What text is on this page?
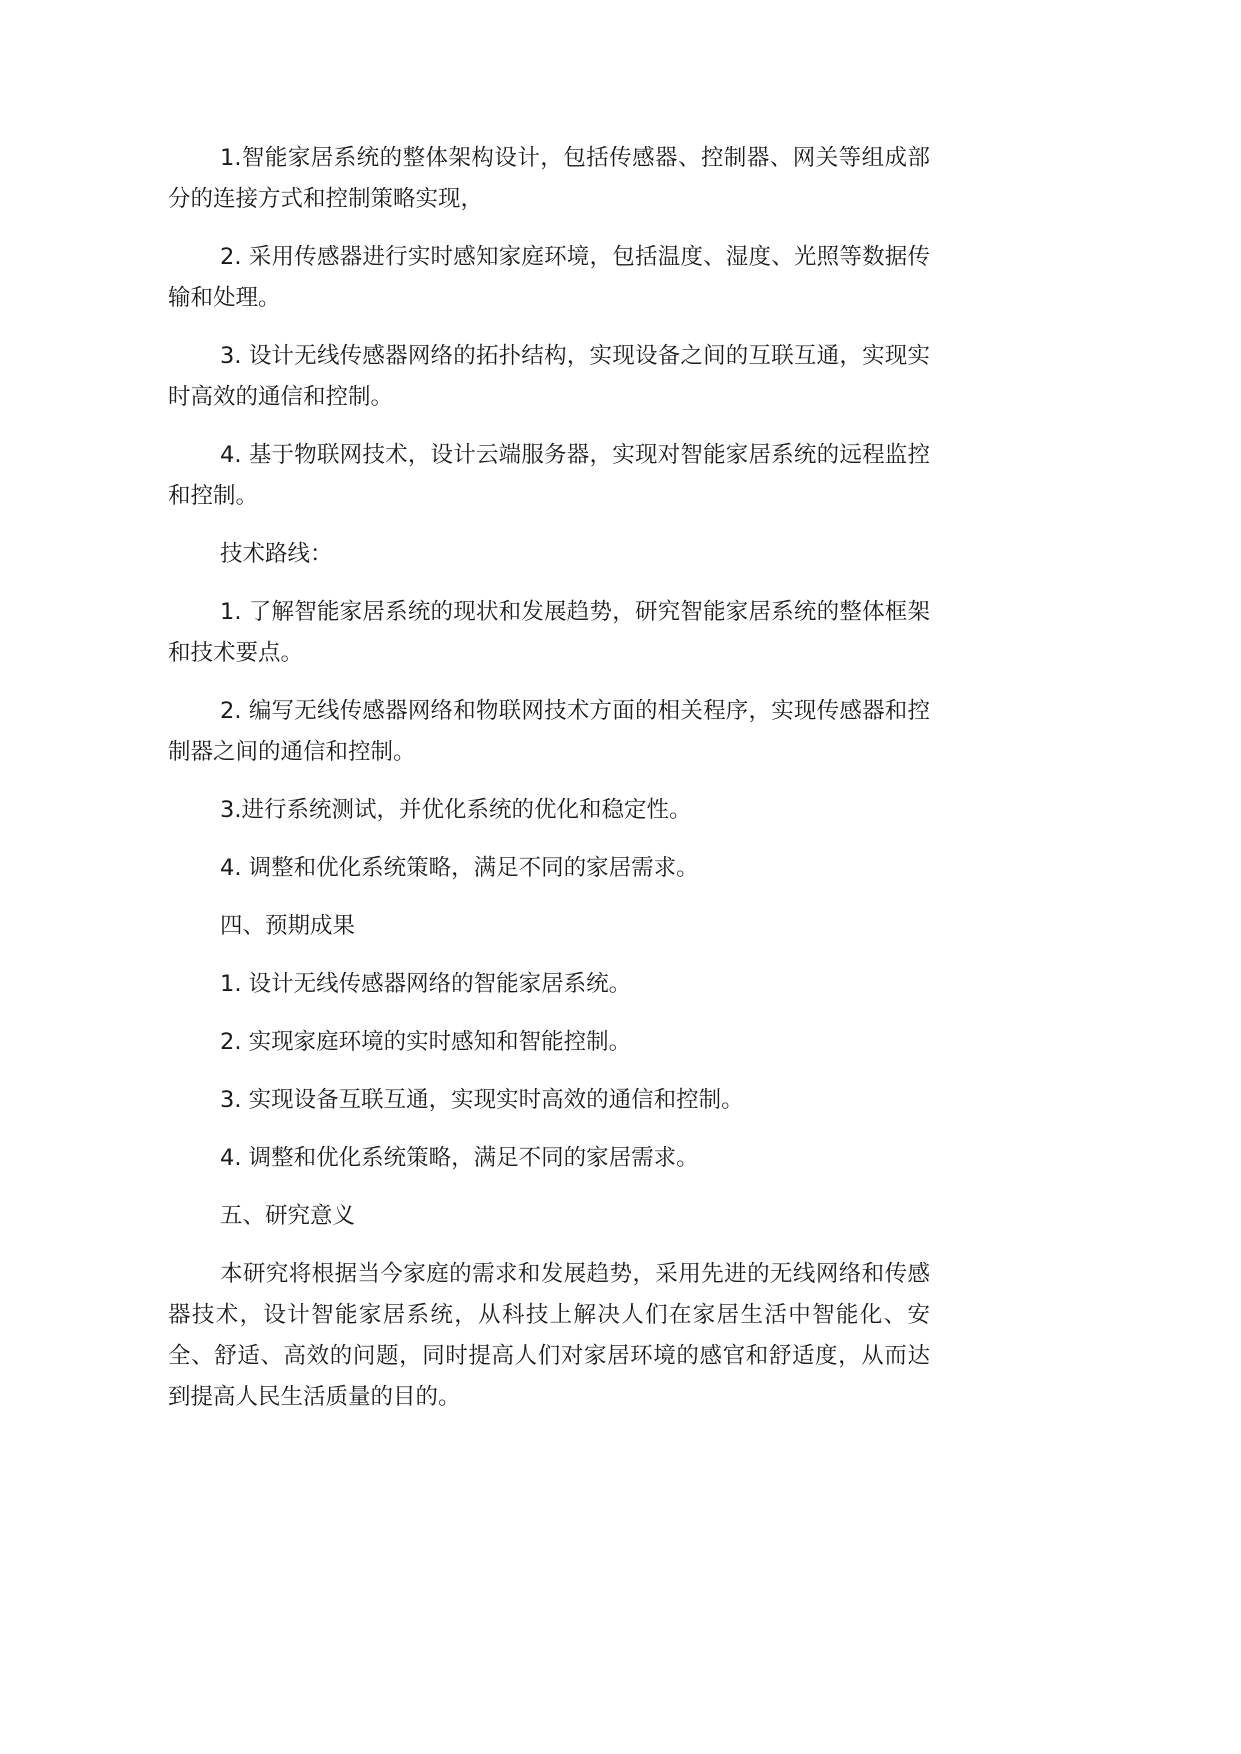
1.智能家居系统的整体架构设计，包括传感器、控制器、网关等组成部分的连接方式和控制策略实现，

2. 采用传感器进行实时感知家庭环境，包括温度、湿度、光照等数据传输和处理。

3. 设计无线传感器网络的拓扑结构，实现设备之间的互联互通，实现实时高效的通信和控制。

4. 基于物联网技术，设计云端服务器，实现对智能家居系统的远程监控和控制。

技术路线：

1. 了解智能家居系统的现状和发展趋势，研究智能家居系统的整体框架和技术要点。

2. 编写无线传感器网络和物联网技术方面的相关程序，实现传感器和控制器之间的通信和控制。

3.进行系统测试，并优化系统的优化和稳定性。

4. 调整和优化系统策略，满足不同的家居需求。

四、预期成果

1. 设计无线传感器网络的智能家居系统。

2. 实现家庭环境的实时感知和智能控制。

3. 实现设备互联互通，实现实时高效的通信和控制。

4. 调整和优化系统策略，满足不同的家居需求。

五、研究意义

本研究将根据当今家庭的需求和发展趋势，采用先进的无线网络和传感器技术，设计智能家居系统，从科技上解决人们在家居生活中智能化、安全、舒适、高效的问题，同时提高人们对家居环境的感官和舒适度，从而达到提高人民生活质量的目的。
